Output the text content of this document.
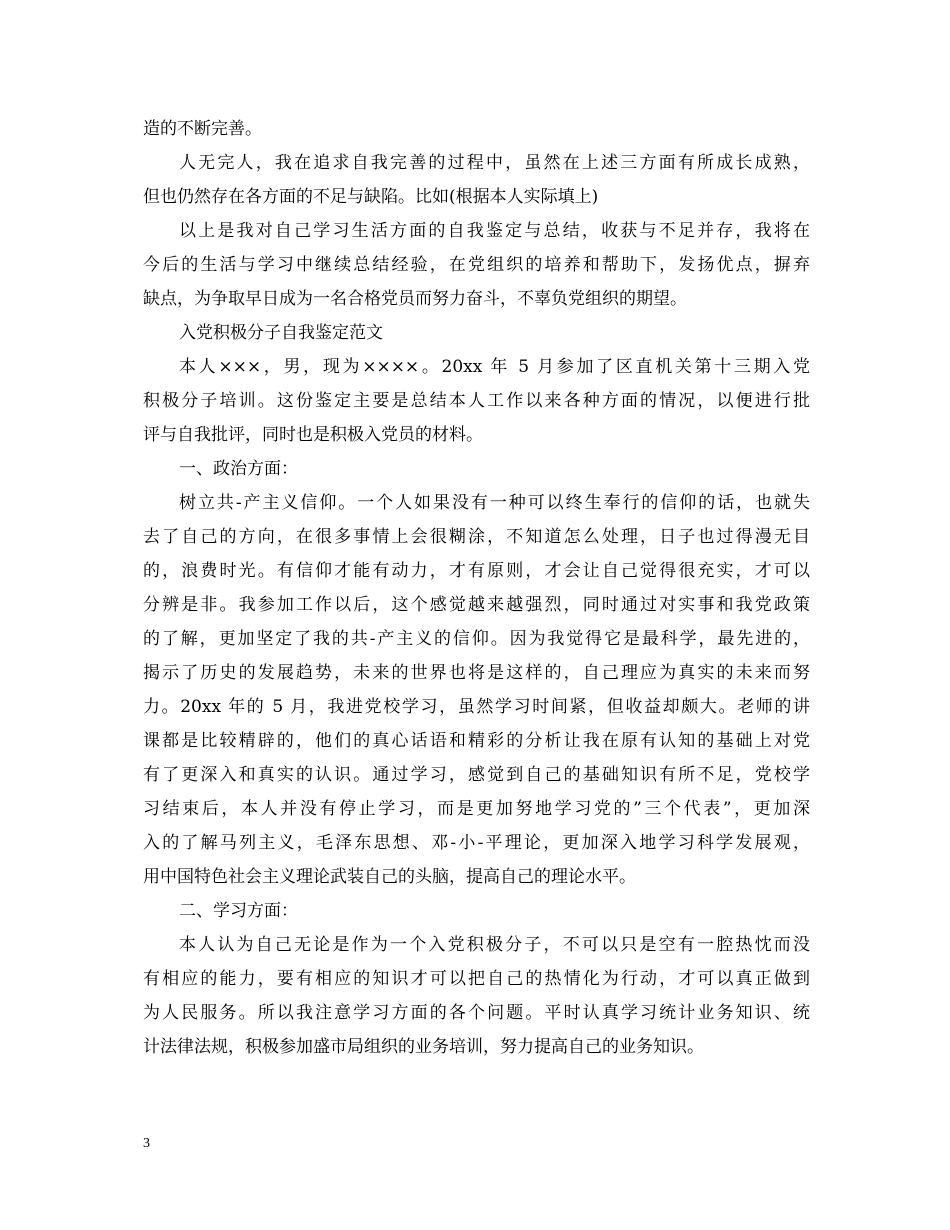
造的不断完善。
人无完人，我在追求自我完善的过程中，虽然在上述三方面有所成长成熟，
但也仍然存在各方面的不足与缺陷。比如(根据本人实际填上)
以上是我对自己学习生活方面的自我鉴定与总结，收获与不足并存，我将在
今后的生活与学习中继续总结经验，在党组织的培养和帮助下，发扬优点，摒弃
缺点，为争取早日成为一名合格党员而努力奋斗，不辜负党组织的期望。
入党积极分子自我鉴定范文
本人×××，男，现为××××。20xx 年 5 月参加了区直机关第十三期入党
积极分子培训。这份鉴定主要是总结本人工作以来各种方面的情况，以便进行批
评与自我批评，同时也是积极入党员的材料。
一、政治方面：
树立共-产主义信仰。一个人如果没有一种可以终生奉行的信仰的话，也就失
去了自己的方向，在很多事情上会很糊涂，不知道怎么处理，日子也过得漫无目
的，浪费时光。有信仰才能有动力，才有原则，才会让自己觉得很充实，才可以
分辨是非。我参加工作以后，这个感觉越来越强烈，同时通过对实事和我党政策
的了解，更加坚定了我的共-产主义的信仰。因为我觉得它是最科学，最先进的，
揭示了历史的发展趋势，未来的世界也将是这样的，自己理应为真实的未来而努
力。20xx 年的 5 月，我进党校学习，虽然学习时间紧，但收益却颇大。老师的讲
课都是比较精辟的，他们的真心话语和精彩的分析让我在原有认知的基础上对党
有了更深入和真实的认识。通过学习，感觉到自己的基础知识有所不足，党校学
习结束后，本人并没有停止学习，而是更加努地学习党的”三个代表”，更加深
入的了解马列主义，毛泽东思想、邓-小-平理论，更加深入地学习科学发展观，
用中国特色社会主义理论武装自己的头脑，提高自己的理论水平。
二、学习方面：
本人认为自己无论是作为一个入党积极分子，不可以只是空有一腔热忱而没
有相应的能力，要有相应的知识才可以把自己的热情化为行动，才可以真正做到
为人民服务。所以我注意学习方面的各个问题。平时认真学习统计业务知识、统
计法律法规，积极参加盛市局组织的业务培训，努力提高自己的业务知识。
3
